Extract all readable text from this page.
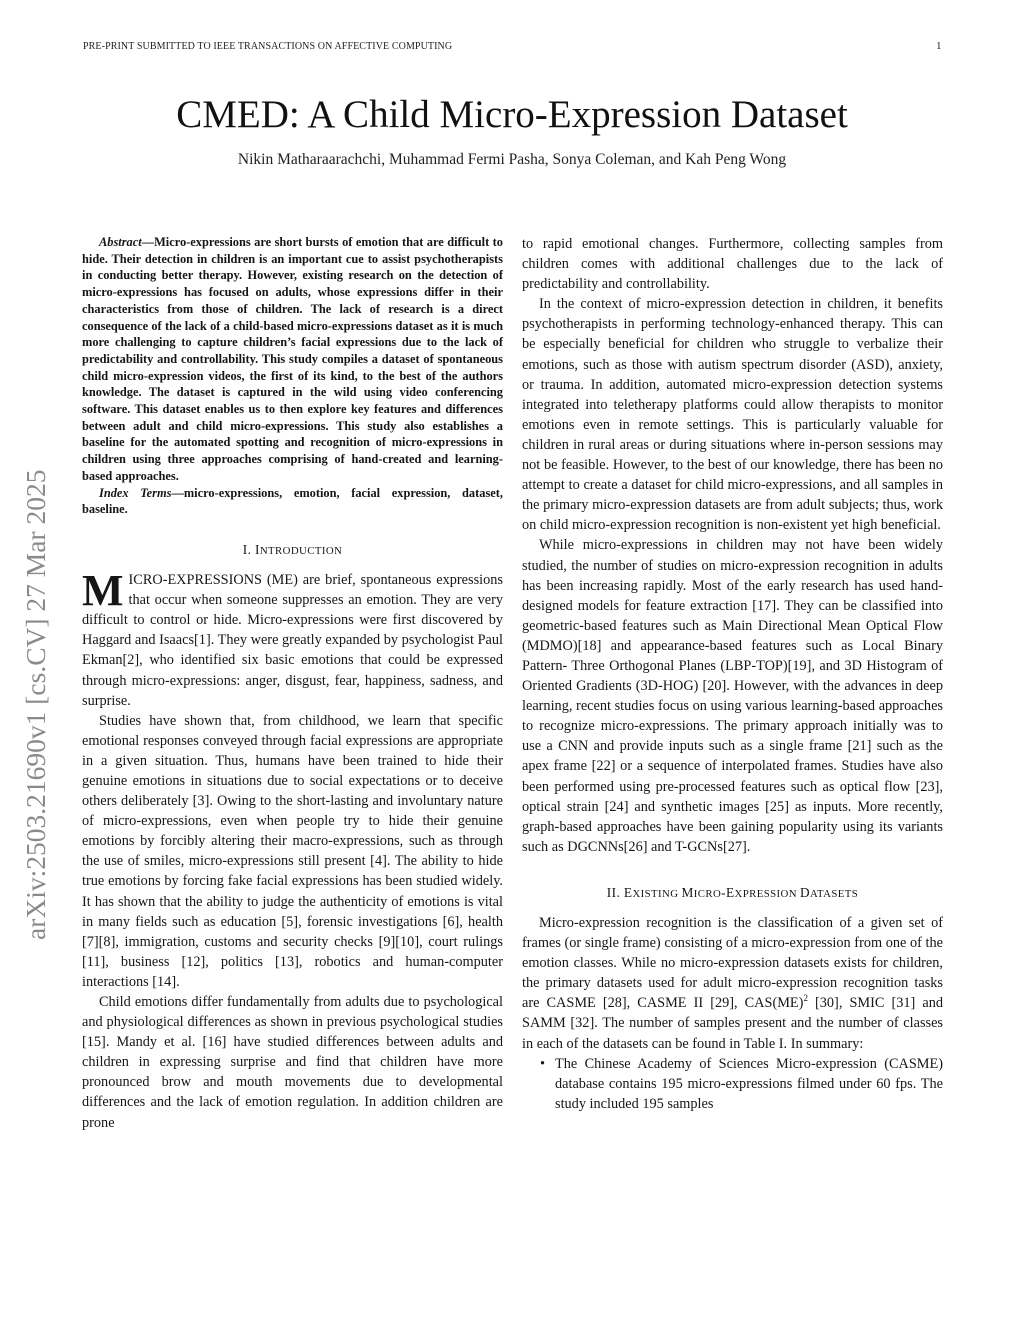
PRE-PRINT SUBMITTED TO IEEE TRANSACTIONS ON AFFECTIVE COMPUTING	1
arXiv:2503.21690v1 [cs.CV] 27 Mar 2025
CMED: A Child Micro-Expression Dataset
Nikin Matharaarachchi, Muhammad Fermi Pasha, Sonya Coleman, and Kah Peng Wong

Abstract—Micro-expressions are short bursts of emotion that are difficult to hide. Their detection in children is an important cue to assist psychotherapists in conducting better therapy. However, existing research on the detection of micro-expressions has focused on adults, whose expressions differ in their characteristics from those of children. The lack of research is a direct consequence of the lack of a child-based micro-expressions dataset as it is much more challenging to capture children’s facial expressions due to the lack of predictability and controllability. This study compiles a dataset of spontaneous child micro-expression videos, the first of its kind, to the best of the authors knowledge. The dataset is captured in the wild using video conferencing software. This dataset enables us to then explore key features and differences between adult and child micro-expressions. This study also establishes a baseline for the automated spotting and recognition of micro-expressions in children using three approaches comprising of hand-created and learning-based approaches.

Index Terms—micro-expressions, emotion, facial expression, dataset, baseline.

I. INTRODUCTION

MICRO-EXPRESSIONS (ME) are brief, spontaneous expressions that occur when someone suppresses an emotion. They are very difficult to control or hide. Micro-expressions were first discovered by Haggard and Isaacs[1]. They were greatly expanded by psychologist Paul Ekman[2], who identified six basic emotions that could be expressed through micro-expressions: anger, disgust, fear, happiness, sadness, and surprise.

Studies have shown that, from childhood, we learn that specific emotional responses conveyed through facial expressions are appropriate in a given situation. Thus, humans have been trained to hide their genuine emotions in situations due to social expectations or to deceive others deliberately [3]. Owing to the short-lasting and involuntary nature of micro-expressions, even when people try to hide their genuine emotions by forcibly altering their macro-expressions, such as through the use of smiles, micro-expressions still present [4]. The ability to hide true emotions by forcing fake facial expressions has been studied widely. It has shown that the ability to judge the authenticity of emotions is vital in many fields such as education [5], forensic investigations [6], health [7][8], immigration, customs and security checks [9][10], court rulings [11], business [12], politics [13], robotics and human-computer interactions [14].

Child emotions differ fundamentally from adults due to psychological and physiological differences as shown in previous psychological studies [15]. Mandy et al. [16] have studied differences between adults and children in expressing surprise and find that children have more pronounced brow and mouth movements due to developmental differences and the lack of emotion regulation. In addition children are prone

to rapid emotional changes. Furthermore, collecting samples from children comes with additional challenges due to the lack of predictability and controllability.

In the context of micro-expression detection in children, it benefits psychotherapists in performing technology-enhanced therapy. This can be especially beneficial for children who struggle to verbalize their emotions, such as those with autism spectrum disorder (ASD), anxiety, or trauma. In addition, automated micro-expression detection systems integrated into teletherapy platforms could allow therapists to monitor emotions even in remote settings. This is particularly valuable for children in rural areas or during situations where in-person sessions may not be feasible. However, to the best of our knowledge, there has been no attempt to create a dataset for child micro-expressions, and all samples in the primary micro-expression datasets are from adult subjects; thus, work on child micro-expression recognition is non-existent yet high beneficial.

While micro-expressions in children may not have been widely studied, the number of studies on micro-expression recognition in adults has been increasing rapidly. Most of the early research has used hand-designed models for feature extraction [17]. They can be classified into geometric-based features such as Main Directional Mean Optical Flow (MDMO)[18] and appearance-based features such as Local Binary Pattern- Three Orthogonal Planes (LBP-TOP)[19], and 3D Histogram of Oriented Gradients (3D-HOG) [20]. However, with the advances in deep learning, recent studies focus on using various learning-based approaches to recognize micro-expressions. The primary approach initially was to use a CNN and provide inputs such as a single frame [21] such as the apex frame [22] or a sequence of interpolated frames. Studies have also been performed using pre-processed features such as optical flow [23], optical strain [24] and synthetic images [25] as inputs. More recently, graph-based approaches have been gaining popularity using its variants such as DGCNNs[26] and T-GCNs[27].

II. EXISTING MICRO-EXPRESSION DATASETS

Micro-expression recognition is the classification of a given set of frames (or single frame) consisting of a micro-expression from one of the emotion classes. While no micro-expression datasets exists for children, the primary datasets used for adult micro-expression recognition tasks are CASME [28], CASME II [29], CAS(ME)$^2$ [30], SMIC [31] and SAMM [32]. The number of samples present and the number of classes in each of the datasets can be found in Table I. In summary:

• The Chinese Academy of Sciences Micro-expression (CASME) database contains 195 micro-expressions filmed under 60 fps. The study included 195 samples
